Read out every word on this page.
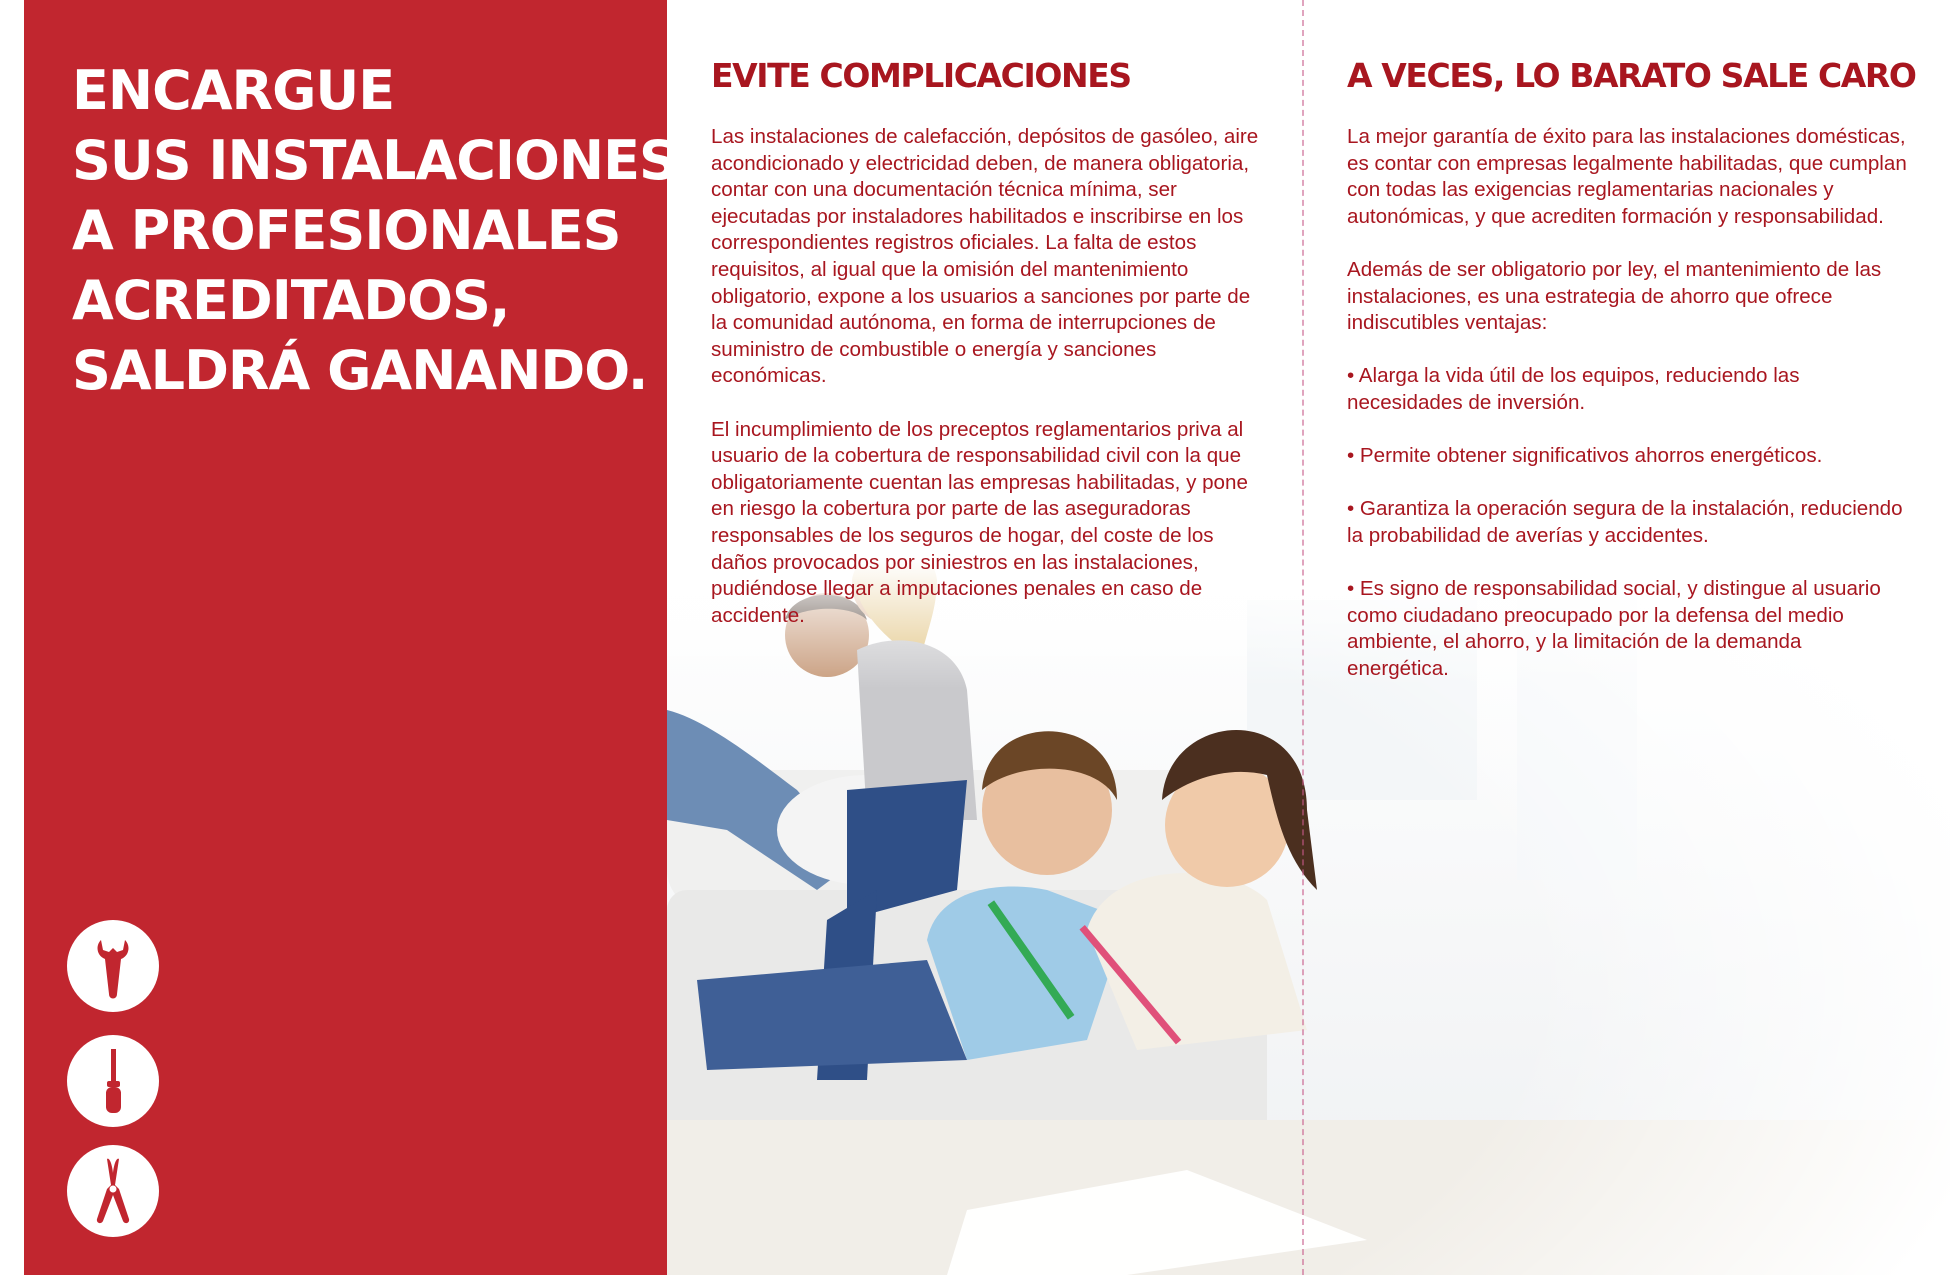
ENCARGUE
SUS INSTALACIONES
A PROFESIONALES
ACREDITADOS,
SALDRÁ GANANDO.
EVITE COMPLICACIONES

Las instalaciones de calefacción, depósitos de gasóleo, aire acondicionado y electricidad deben, de manera obligatoria, contar con una documentación técnica mínima, ser ejecutadas por instaladores habilitados e inscribirse en los correspondientes registros oficiales. La falta de estos requisitos, al igual que la omisión del mantenimiento obligatorio, expone a los usuarios a sanciones por parte de la comunidad autónoma, en forma de interrupciones de suministro de combustible o energía y sanciones económicas.

El incumplimiento de los preceptos reglamentarios priva al usuario de la cobertura de responsabilidad civil con la que obligatoriamente cuentan las empresas habilitadas, y pone en riesgo la cobertura por parte de las aseguradoras responsables de los seguros de hogar, del coste de los daños provocados por siniestros en las instalaciones, pudiéndose llegar a imputaciones penales en caso de accidente.

A VECES, LO BARATO SALE CARO

La mejor garantía de éxito para las instalaciones domésticas, es contar con empresas legalmente habilitadas, que cumplan con todas las exigencias reglamentarias nacionales y autonómicas, y que acrediten formación y responsabilidad.

Además de ser obligatorio por ley, el mantenimiento de las instalaciones, es una estrategia de ahorro que ofrece indiscutibles ventajas:

• Alarga la vida útil de los equipos, reduciendo las necesidades de inversión.
• Permite obtener significativos ahorros energéticos.
• Garantiza la operación segura de la instalación, reduciendo la probabilidad de averías y accidentes.
• Es signo de responsabilidad social, y distingue al usuario como ciudadano preocupado por la defensa del medio ambiente, el ahorro, y la limitación de la demanda energética.
